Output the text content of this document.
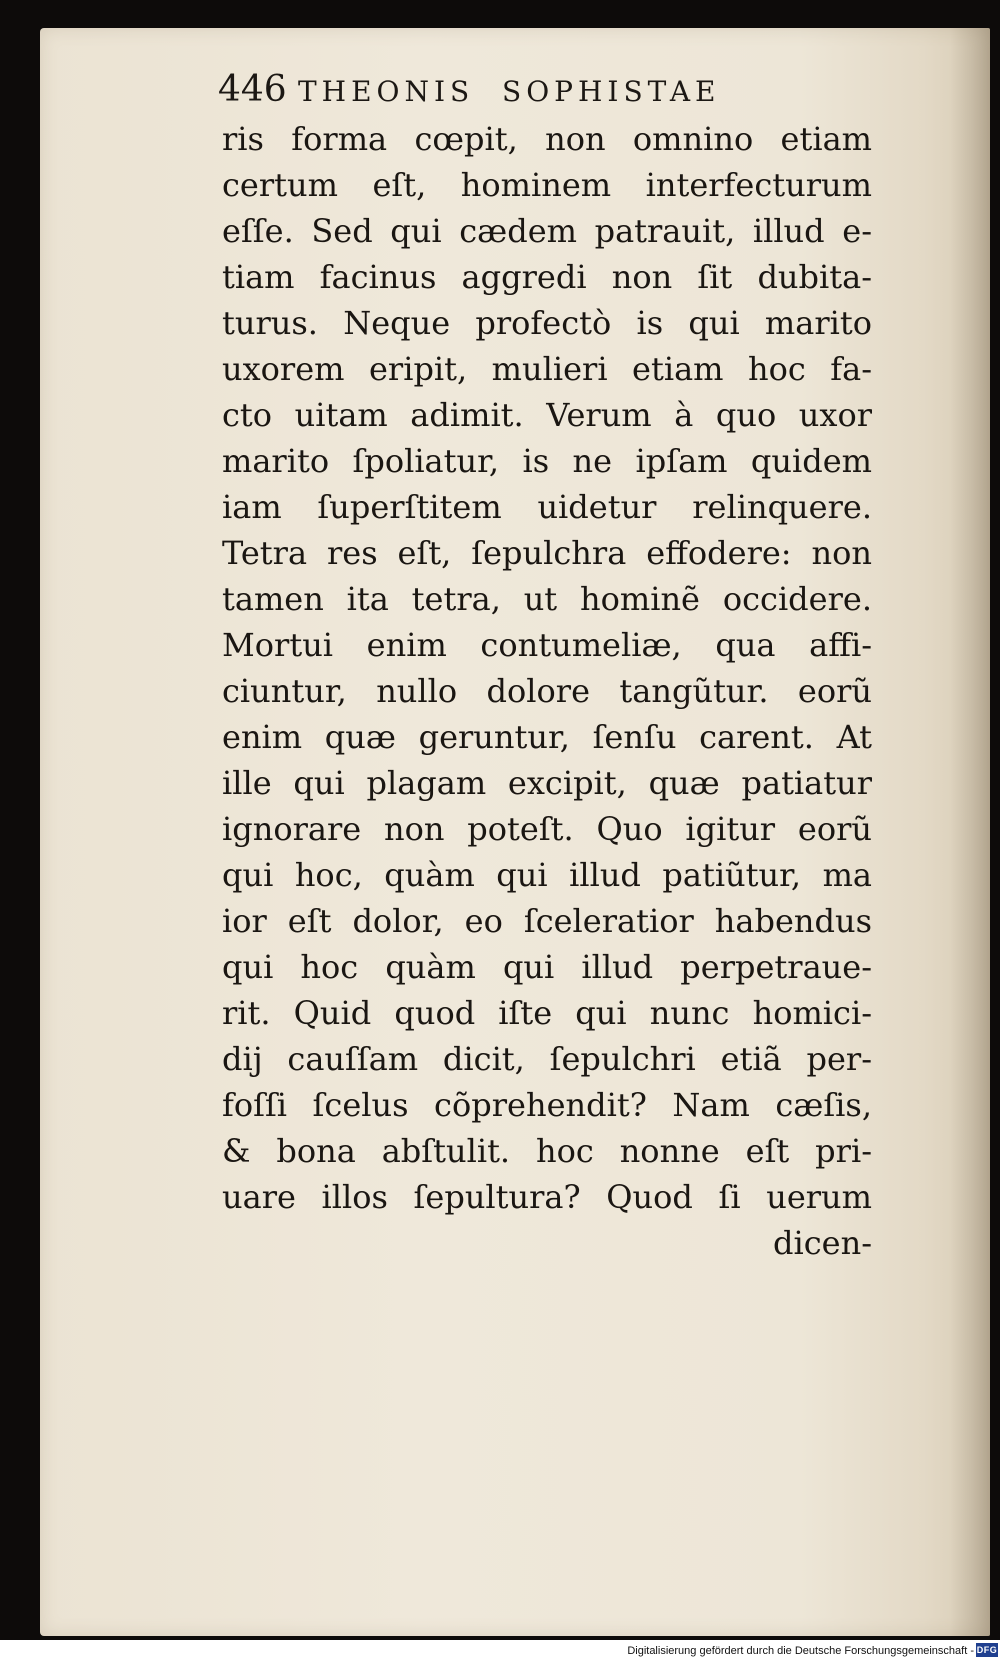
446 THEONIS  SOPHISTAE
ris forma cœpit, non omnino etiam
certum eſt, hominem interfecturum
eſſe. Sed qui cædem patrauit, illud e-
tiam facinus aggredi non ſit dubita-
turus. Neque profectò is qui marito
uxorem eripit, mulieri etiam hoc fa-
cto uitam adimit. Verum à quo uxor
marito ſpoliatur, is ne ipſam quidem
iam ſuperſtitem uidetur relinquere.
Tetra res eſt, ſepulchra effodere: non
tamen ita tetra, ut hominẽ occidere.
Mortui enim contumeliæ, qua affi-
ciuntur, nullo dolore tangũtur. eorũ
enim quæ geruntur, ſenſu carent. At
ille qui plagam excipit, quæ patiatur
ignorare non poteſt. Quo igitur eorũ
qui hoc, quàm qui illud patiũtur, ma
ior eſt dolor, eo ſceleratior habendus
qui hoc quàm qui illud perpetraue-
rit. Quid quod iſte qui nunc homici-
dij cauſſam dicit, ſepulchri etiã per-
foſſi ſcelus cõprehendit? Nam cæſis,
& bona abſtulit. hoc nonne eſt pri-
uare illos ſepultura? Quod ſi uerum
dicen-
Digitalisierung gefördert durch die Deutsche Forschungsgemeinschaft - DFG
